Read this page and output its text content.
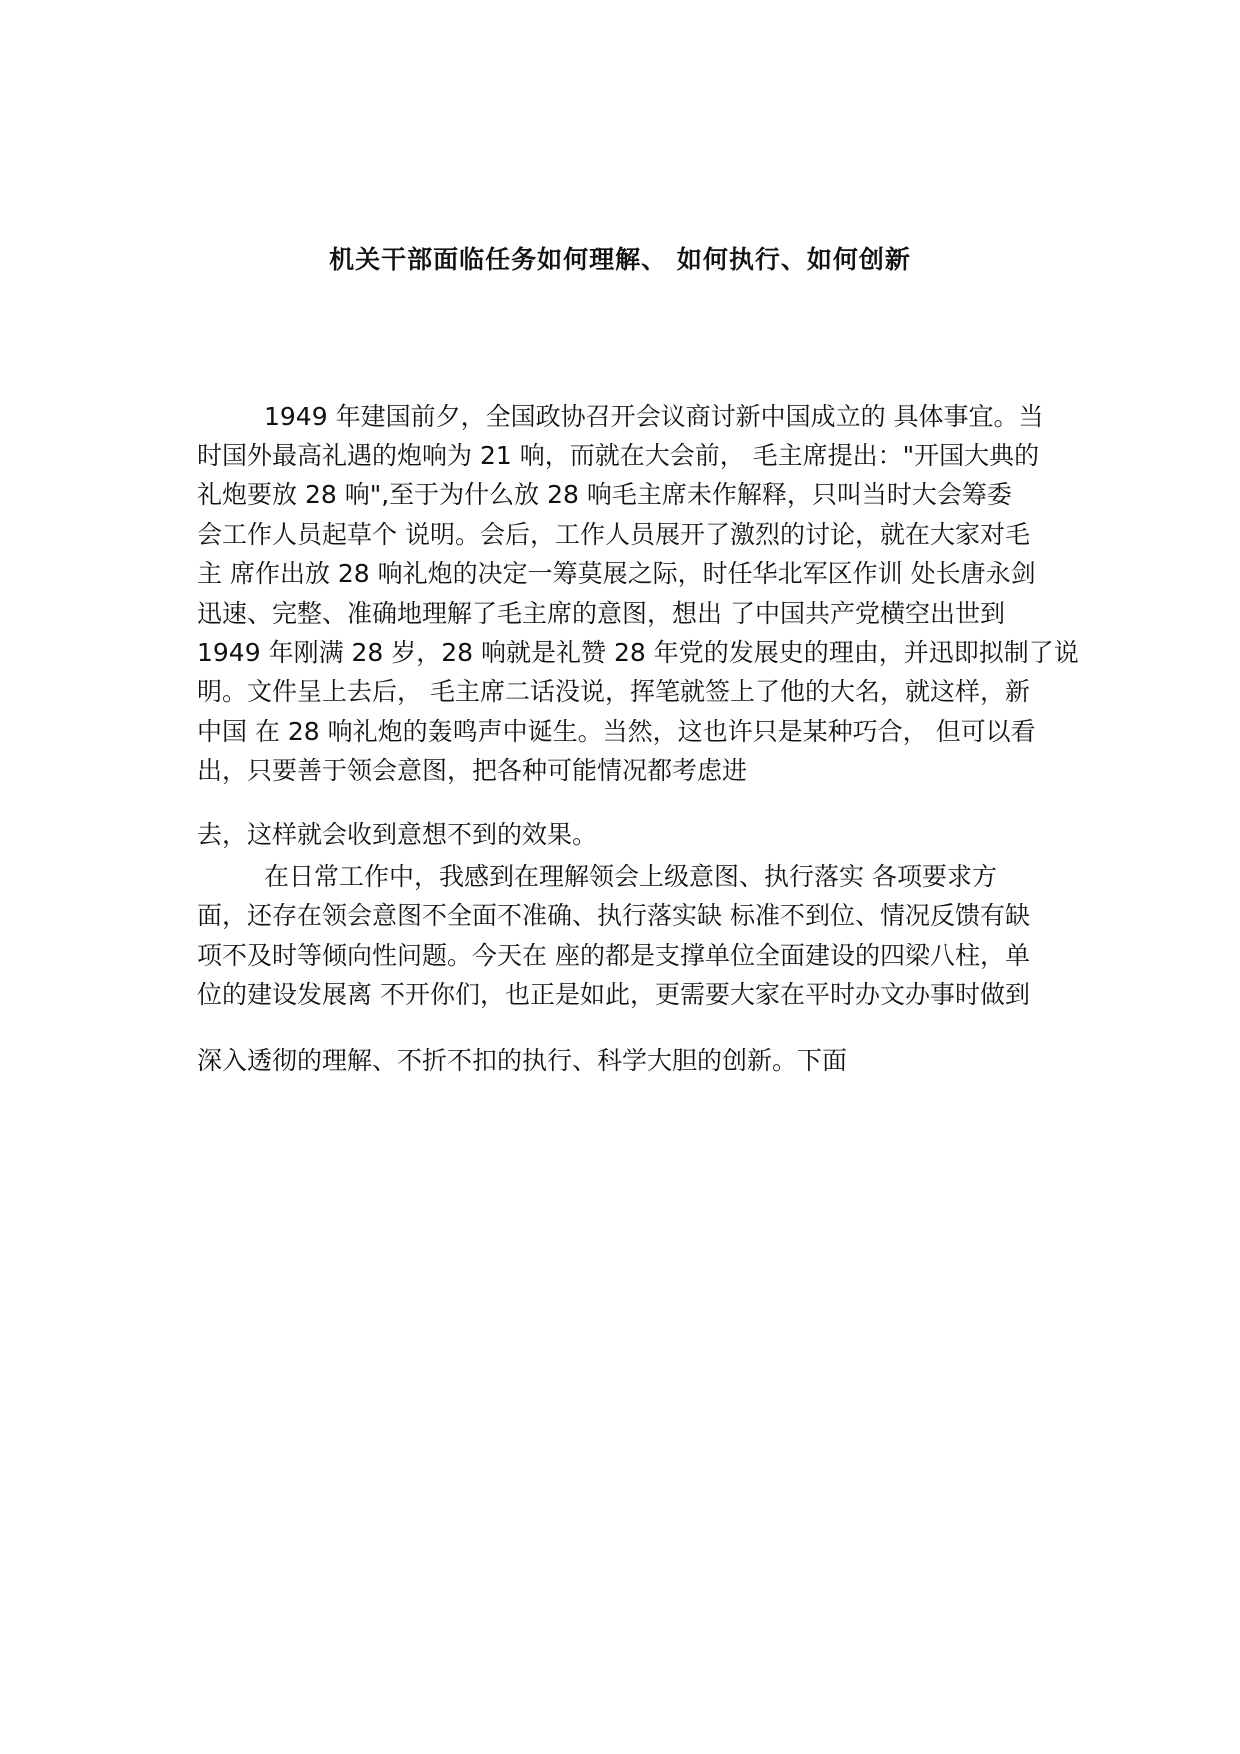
机关干部面临任务如何理解、 如何执行、如何创新
1949 年建国前夕，全国政协召开会议商讨新中国成立的 具体事宜。当
时国外最高礼遇的炮响为 21 响，而就在大会前， 毛主席提出："开国大典的
礼炮要放 28 响",至于为什么放 28 响毛主席未作解释，只叫当时大会筹委
会工作人员起草个 说明。会后，工作人员展开了激烈的讨论，就在大家对毛
主 席作出放 28 响礼炮的决定一筹莫展之际，时任华北军区作训 处长唐永剑
迅速、完整、准确地理解了毛主席的意图，想出 了中国共产党横空出世到
1949 年刚满 28 岁，28 响就是礼赞 28 年党的发展史的理由，并迅即拟制了说
明。文件呈上去后， 毛主席二话没说，挥笔就签上了他的大名，就这样，新
中国 在 28 响礼炮的轰鸣声中诞生。当然，这也许只是某种巧合， 但可以看
出，只要善于领会意图，把各种可能情况都考虑进
去，这样就会收到意想不到的效果。
在日常工作中，我感到在理解领会上级意图、执行落实 各项要求方
面，还存在领会意图不全面不准确、执行落实缺 标准不到位、情况反馈有缺
项不及时等倾向性问题。今天在 座的都是支撑单位全面建设的四梁八柱，单
位的建设发展离 不开你们，也正是如此，更需要大家在平时办文办事时做到
深入透彻的理解、不折不扣的执行、科学大胆的创新。下面
